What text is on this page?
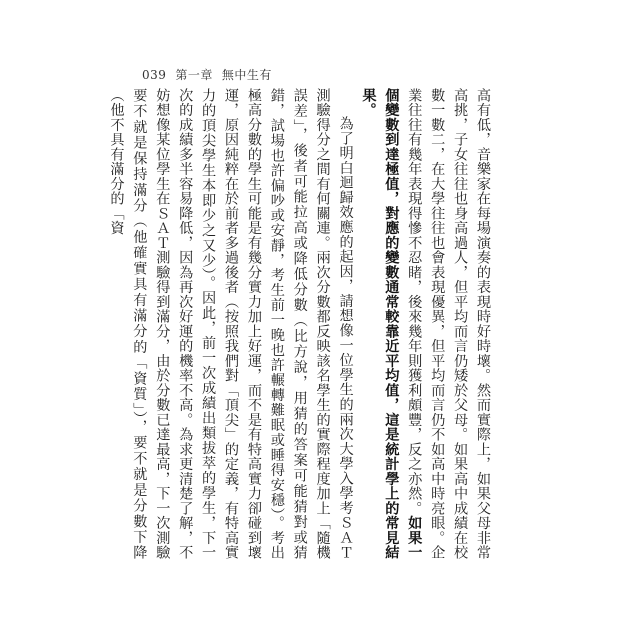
039 第一章 無中生有

高有低，音樂家在每場演奏的表現時好時壞。然而實際上，如果父母非常高挑，子女往往也身高過人，但平均而言仍矮於父母。如果高中成績在校數一數二，在大學往往也會表現優異，但平均而言仍不如高中時亮眼。企業往往有幾年表現得慘不忍睹，後來幾年則獲利頗豐，反之亦然。如果一個變數到達極值，對應的變數通常較靠近平均值，這是統計學上的常見結果。

為了明白迴歸效應的起因，請想像一位學生的兩次大學入學考ＳＡＴ測驗得分之間有何關連。兩次分數都反映該名學生的實際程度加上「隨機誤差」，後者可能拉高或降低分數（比方說，用猜的答案可能猜對或猜錯，試場也許偏吵或安靜，考生前一晚也許輾轉難眠或睡得安穩）。考出極高分數的學生可能是有幾分實力加上好運，而不是有特高實力卻碰到壞運，原因純粹在於前者多過後者（按照我們對「頂尖」的定義，有特高實力的頂尖學生本即少之又少）。因此，前一次成績出類拔萃的學生，下一次的成績多半容易降低，因為再次好運的機率不高。為求更清楚了解，不妨想像某位學生在ＳＡＴ測驗得到滿分，由於分數已達最高，下一次測驗要不就是保持滿分（他確實具有滿分的「資質」），要不就是分數下降（他不具有滿分的「資
